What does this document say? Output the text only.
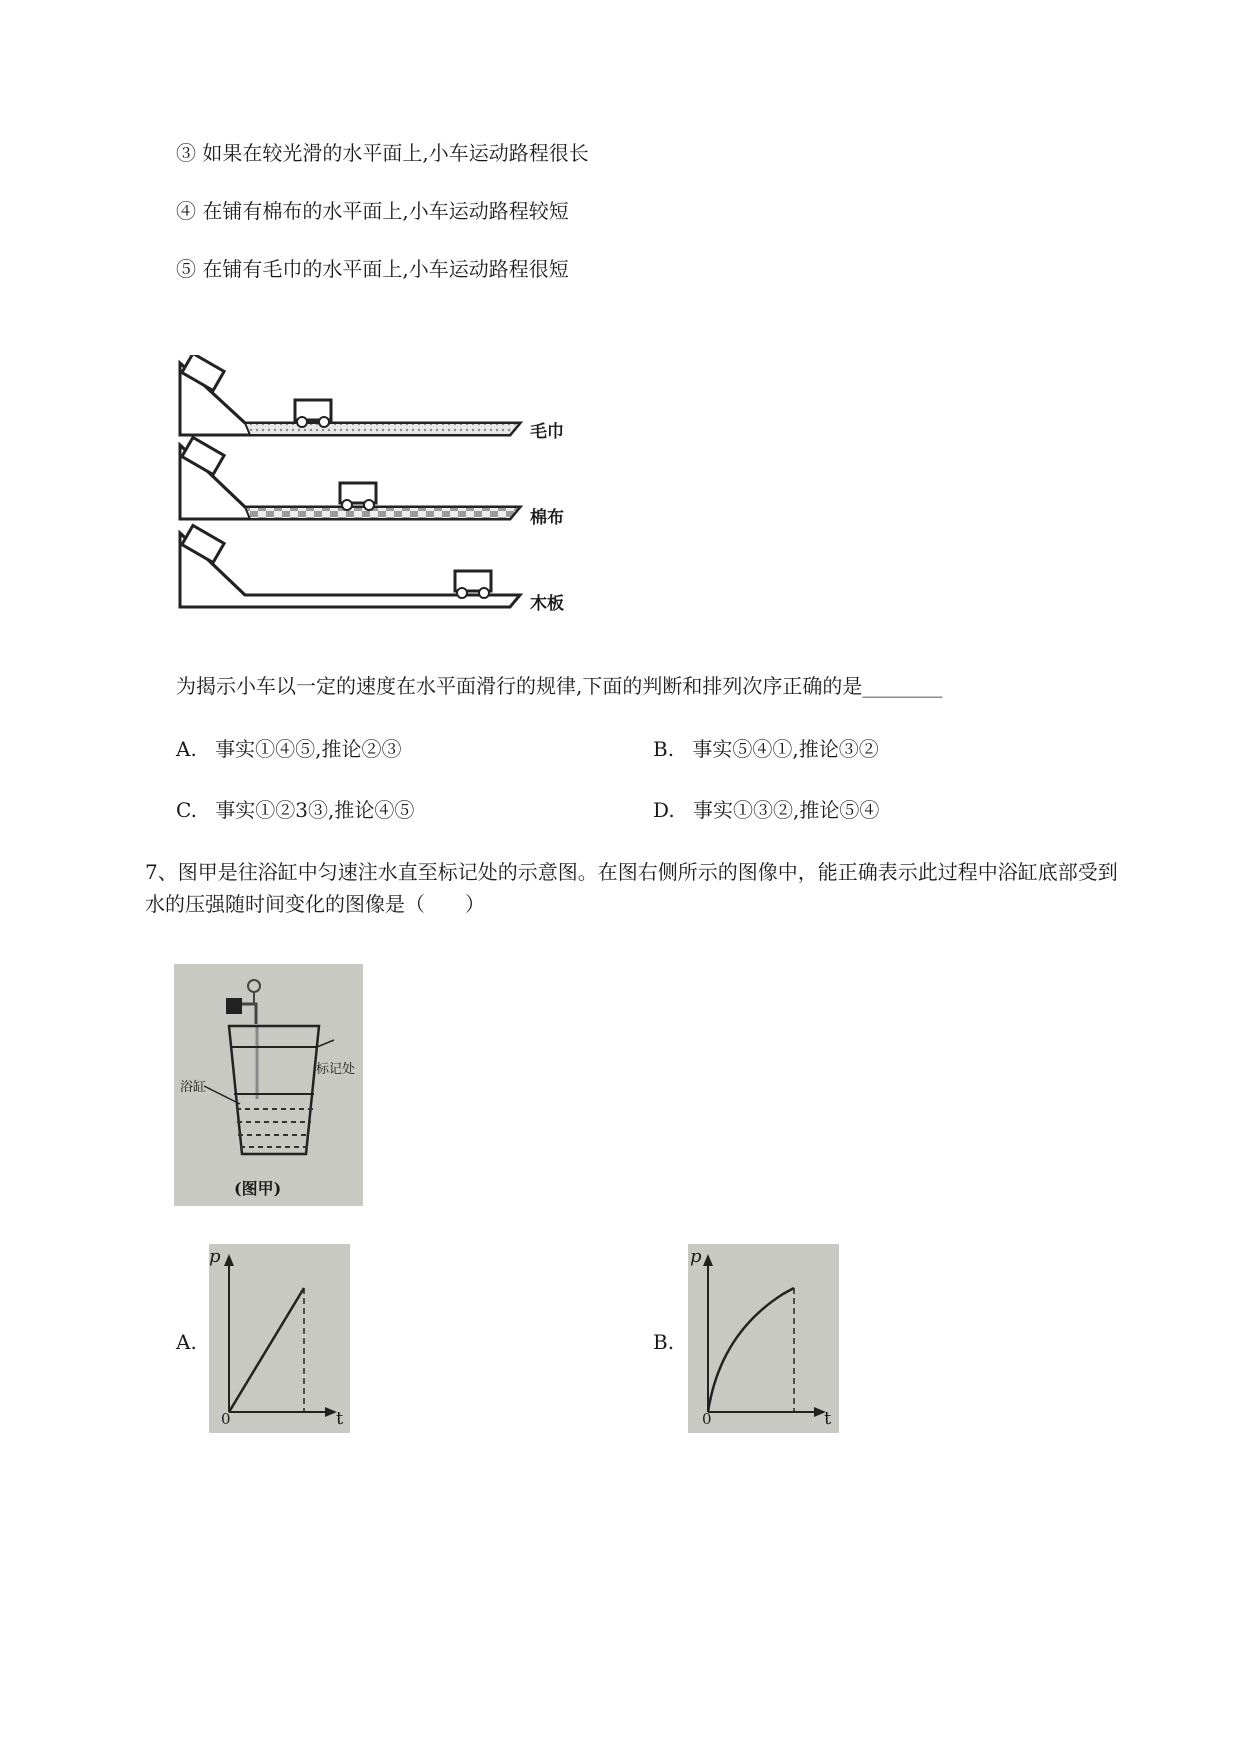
③ 如果在较光滑的水平面上,小车运动路程很长
④ 在铺有棉布的水平面上,小车运动路程较短
⑤ 在铺有毛巾的水平面上,小车运动路程很短
毛巾
棉布
木板
为揭示小车以一定的速度在水平面滑行的规律,下面的判断和排列次序正确的是________
A. 事实①④⑤,推论②③	B. 事实⑤④①,推论③②
C. 事实①②3③,推论④⑤	D. 事实①③②,推论⑤④
7、图甲是往浴缸中匀速注水直至标记处的示意图。在图右侧所示的图像中，能正确表示此过程中浴缸底部受到水的压强随时间变化的图像是（　　）
标记处
浴缸
(图甲)
A.
p
0	t
B.
p
0	t
